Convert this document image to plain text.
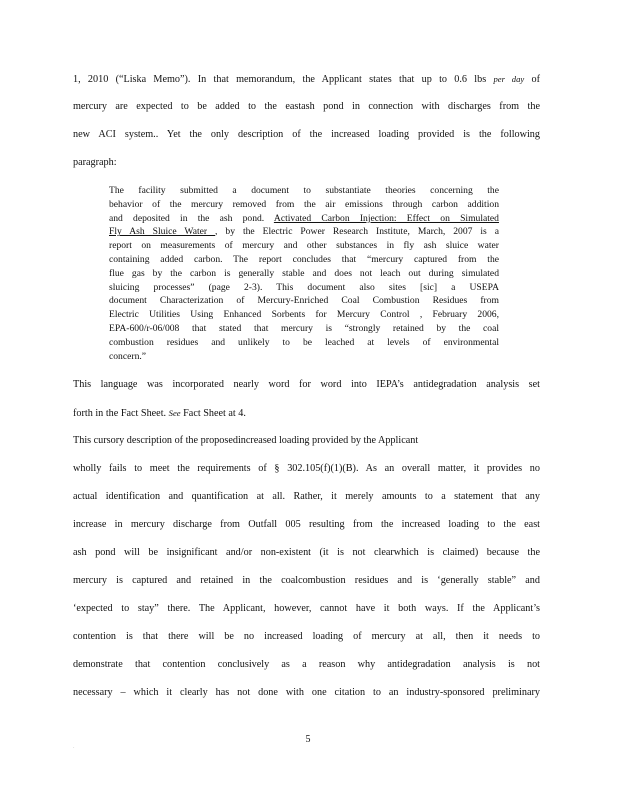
1, 2010 (“Liska Memo”). In that memorandum, the Applicant states that up to 0.6 lbs per day of
mercury are expected to be added to the eastash pond in connection with discharges from the
new ACI system.. Yet the only description of the increased loading provided is the following
paragraph:
The facility submitted a document to substantiate theories concerning the
behavior of the mercury removed from the air emissions through carbon addition
and deposited in the ash pond. Activated Carbon Injection: Effect on Simulated
Fly Ash Sluice Water , by the Electric Power Research Institute, March, 2007 is a
report on measurements of mercury and other substances in fly ash sluice water
containing added carbon. The report concludes that “mercury captured from the
flue gas by the carbon is generally stable and does not leach out during simulated
sluicing processes” (page 2-3). This document also sites [sic] a USEPA
document Characterization of Mercury-Enriched Coal Combustion Residues from
Electric Utilities Using Enhanced Sorbents for Mercury Control , February 2006,
EPA-600/r-06/008 that stated that mercury is “strongly retained by the coal
combustion residues and unlikely to be leached at levels of environmental
concern.”
This language was incorporated nearly word for word into IEPA’s antidegradation analysis set
forth in the Fact Sheet. See Fact Sheet at 4.
This cursory description of the proposedincreased loading provided by the Applicant
wholly fails to meet the requirements of § 302.105(f)(1)(B). As an overall matter, it provides no
actual identification and quantification at all. Rather, it merely amounts to a statement that any
increase in mercury discharge from Outfall 005 resulting from the increased loading to the east
ash pond will be insignificant and/or non-existent (it is not clearwhich is claimed) because the
mercury is captured and retained in the coalcombustion residues and is ‘generally stable” and
‘expected to stay” there. The Applicant, however, cannot have it both ways. If the Applicant’s
contention is that there will be no increased loading of mercury at all, then it needs to
demonstrate that contention conclusively as a reason why antidegradation analysis is not
necessary – which it clearly has not done with one citation to an industry-sponsored preliminary
5
.
